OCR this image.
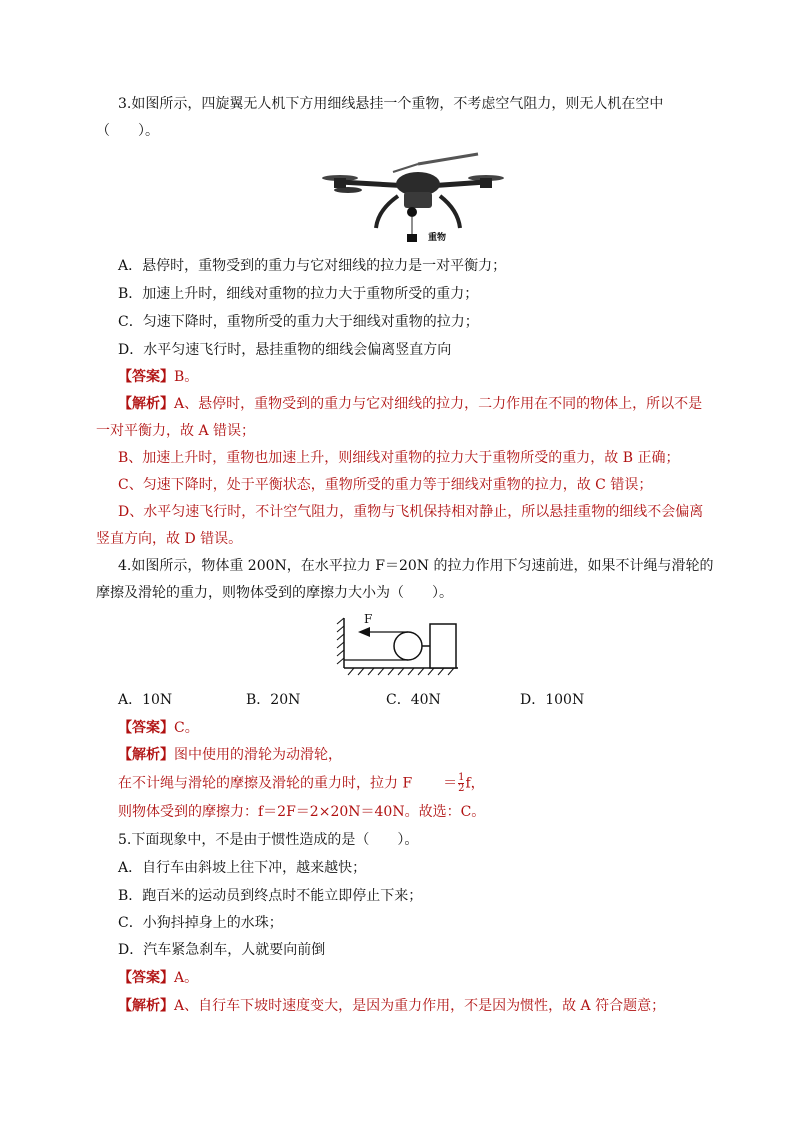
3.如图所示，四旋翼无人机下方用细线悬挂一个重物，不考虑空气阻力，则无人机在空中
（　　）。
重物
A．悬停时，重物受到的重力与它对细线的拉力是一对平衡力；
B．加速上升时，细线对重物的拉力大于重物所受的重力；
C．匀速下降时，重物所受的重力大于细线对重物的拉力；
D．水平匀速飞行时，悬挂重物的细线会偏离竖直方向
【答案】B。
【解析】A、悬停时，重物受到的重力与它对细线的拉力，二力作用在不同的物体上，所以不是
一对平衡力，故 A 错误；
B、加速上升时，重物也加速上升，则细线对重物的拉力大于重物所受的重力，故 B 正确；
C、匀速下降时，处于平衡状态，重物所受的重力等于细线对重物的拉力，故 C 错误；
D、水平匀速飞行时，不计空气阻力，重物与飞机保持相对静止，所以悬挂重物的细线不会偏离
竖直方向，故 D 错误。
4.如图所示，物体重 200N，在水平拉力 F＝20N 的拉力作用下匀速前进，如果不计绳与滑轮的
摩擦及滑轮的重力，则物体受到的摩擦力大小为（　　）。
F
A．10N	B．20N	C．40N	D．100N
【答案】C。
【解析】图中使用的滑轮为动滑轮，
在不计绳与滑轮的摩擦及滑轮的重力时，拉力 $F = \frac{1}{2}$ f，
则物体受到的摩擦力：f＝2F＝2×20N＝40N。故选：C。
5.下面现象中，不是由于惯性造成的是（　　）。
A．自行车由斜坡上往下冲，越来越快；
B．跑百米的运动员到终点时不能立即停止下来；
C．小狗抖掉身上的水珠；
D．汽车紧急刹车，人就要向前倒
【答案】A。
【解析】A、自行车下坡时速度变大，是因为重力作用，不是因为惯性，故 A 符合题意；
